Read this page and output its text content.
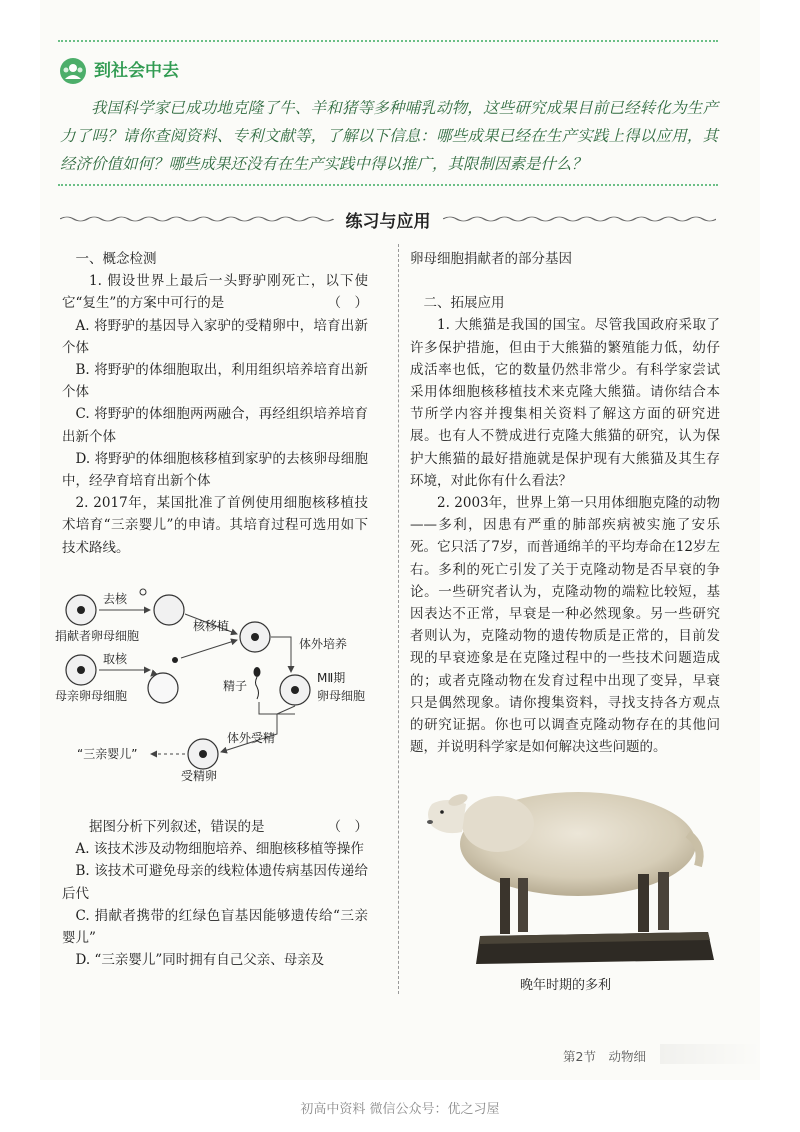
到社会中去
我国科学家已成功地克隆了牛、羊和猪等多种哺乳动物，这些研究成果目前已经转化为生产力了吗？请你查阅资料、专利文献等，了解以下信息：哪些成果已经在生产实践上得以应用，其经济价值如何？哪些成果还没有在生产实践中得以推广，其限制因素是什么？
练习与应用

一、概念检测

1. 假设世界上最后一头野驴刚死亡，以下使它“复生”的方案中可行的是	（　）

A. 将野驴的基因导入家驴的受精卵中，培育出新个体

B. 将野驴的体细胞取出，利用组织培养培育出新个体

C. 将野驴的体细胞两两融合，再经组织培养培育出新个体

D. 将野驴的体细胞核移植到家驴的去核卵母细胞中，经孕育培育出新个体

2. 2017年，某国批准了首例使用细胞核移植技术培育“三亲婴儿”的申请。其培育过程可选用如下技术路线。

去核
捐献者卵母细胞
取核
母亲卵母细胞
核移植
体外培养
MⅡ期
卵母细胞
精子
体外受精
受精卵
“三亲婴儿”

据图分析下列叙述，错误的是	（　）

A. 该技术涉及动物细胞培养、细胞核移植等操作

B. 该技术可避免母亲的线粒体遗传病基因传递给后代

C. 捐献者携带的红绿色盲基因能够遗传给“三亲婴儿”

D. “三亲婴儿”同时拥有自己父亲、母亲及

卵母细胞捐献者的部分基因

二、拓展应用

1. 大熊猫是我国的国宝。尽管我国政府采取了许多保护措施，但由于大熊猫的繁殖能力低，幼仔成活率也低，它的数量仍然非常少。有科学家尝试采用体细胞核移植技术来克隆大熊猫。请你结合本节所学内容并搜集相关资料了解这方面的研究进展。也有人不赞成进行克隆大熊猫的研究，认为保护大熊猫的最好措施就是保护现有大熊猫及其生存环境，对此你有什么看法？

2. 2003年，世界上第一只用体细胞克隆的动物——多利，因患有严重的肺部疾病被实施了安乐死。它只活了7岁，而普通绵羊的平均寿命在12岁左右。多利的死亡引发了关于克隆动物是否早衰的争论。一些研究者认为，克隆动物的端粒比较短，基因表达不正常，早衰是一种必然现象。另一些研究者则认为，克隆动物的遗传物质是正常的，目前发现的早衰迹象是在克隆过程中的一些技术问题造成的；或者克隆动物在发育过程中出现了变异，早衰只是偶然现象。请你搜集资料，寻找支持各方观点的研究证据。你也可以调查克隆动物存在的其他问题，并说明科学家是如何解决这些问题的。

晚年时期的多利
第2节　动物细
初高中资料 微信公众号：优之习屋
